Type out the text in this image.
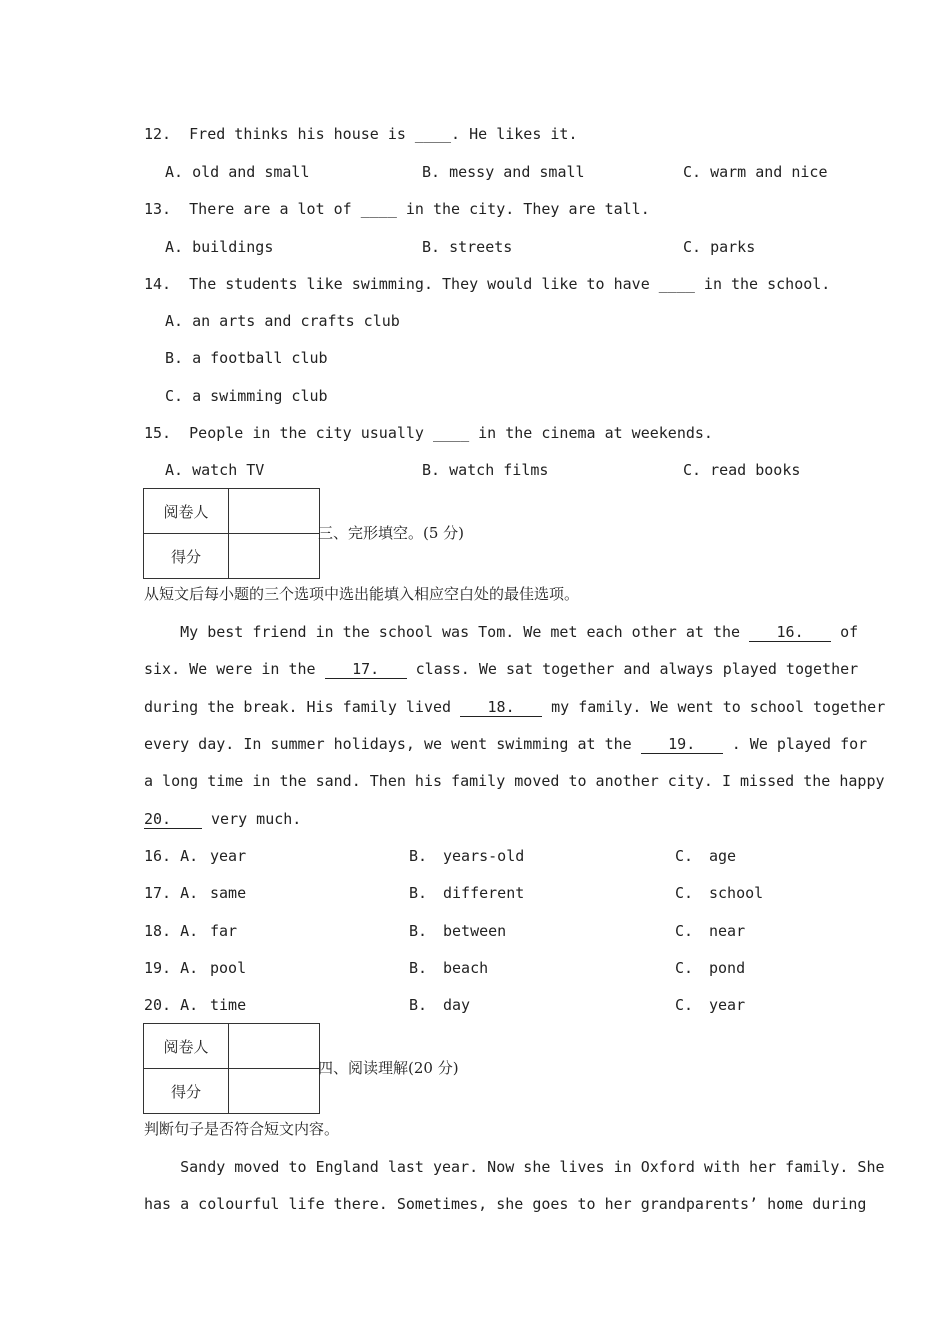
12.  Fred thinks his house is ____. He likes it.
A. old and small	B. messy and small	C. warm and nice
13.  There are a lot of ____ in the city. They are tall.
A. buildings	B. streets	C. parks
14.  The students like swimming. They would like to have ____ in the school.
A. an arts and crafts club
B. a football club
C. a swimming club
15.  People in the city usually ____ in the cinema at weekends.
A. watch TV	B. watch films	C. read books
阅卷人	
得分	
三、完形填空。(5 分)
从短文后每小题的三个选项中选出能填入相应空白处的最佳选项。
My best friend in the school was Tom. We met each other at the 16. of
six. We were in the 17. class. We sat together and always played together
during the break. His family lived 18. my family. We went to school together
every day. In summer holidays, we went swimming at the 19. . We played for
a long time in the sand. Then his family moved to another city. I missed the happy
20. very much.
16. A. year	B. years-old	C. age
17. A. same	B. different	C. school
18. A. far	B. between	C. near
19. A. pool	B. beach	C. pond
20. A. time	B. day	C. year
阅卷人	
得分	
四、阅读理解(20 分)
判断句子是否符合短文内容。
Sandy moved to England last year. Now she lives in Oxford with her family. She
has a colourful life there. Sometimes, she goes to her grandparents’ home during
